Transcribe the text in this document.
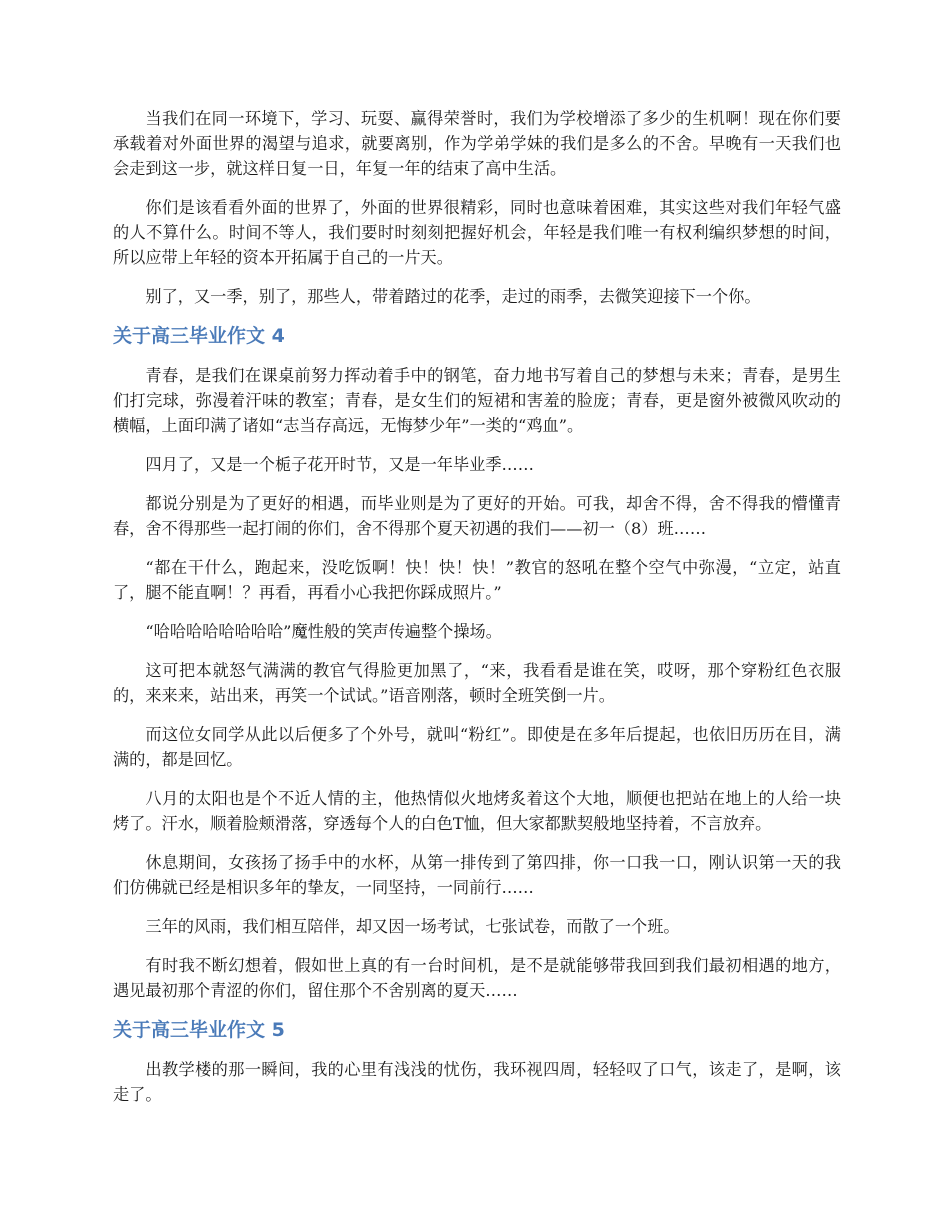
当我们在同一环境下，学习、玩耍、赢得荣誉时，我们为学校增添了多少的生机啊！现在你们要承载着对外面世界的渴望与追求，就要离别，作为学弟学妹的我们是多么的不舍。早晚有一天我们也会走到这一步，就这样日复一日，年复一年的结束了高中生活。

你们是该看看外面的世界了，外面的世界很精彩，同时也意味着困难，其实这些对我们年轻气盛的人不算什么。时间不等人，我们要时时刻刻把握好机会，年轻是我们唯一有权利编织梦想的时间，所以应带上年轻的资本开拓属于自己的一片天。

别了，又一季，别了，那些人，带着踏过的花季，走过的雨季，去微笑迎接下一个你。

关于高三毕业作文 4

青春，是我们在课桌前努力挥动着手中的钢笔，奋力地书写着自己的梦想与未来；青春，是男生们打完球，弥漫着汗味的教室；青春，是女生们的短裙和害羞的脸庞；青春，更是窗外被微风吹动的横幅，上面印满了诸如“志当存高远，无悔梦少年”一类的“鸡血”。

四月了，又是一个栀子花开时节，又是一年毕业季……

都说分别是为了更好的相遇，而毕业则是为了更好的开始。可我，却舍不得，舍不得我的懵懂青春，舍不得那些一起打闹的你们，舍不得那个夏天初遇的我们——初一（8）班……

“都在干什么，跑起来，没吃饭啊！快！快！快！”教官的怒吼在整个空气中弥漫，“立定，站直了，腿不能直啊！？再看，再看小心我把你踩成照片。”

“哈哈哈哈哈哈哈哈”魔性般的笑声传遍整个操场。

这可把本就怒气满满的教官气得脸更加黑了，“来，我看看是谁在笑，哎呀，那个穿粉红色衣服的，来来来，站出来，再笑一个试试。”语音刚落，顿时全班笑倒一片。

而这位女同学从此以后便多了个外号，就叫“粉红”。即使是在多年后提起，也依旧历历在目，满满的，都是回忆。

八月的太阳也是个不近人情的主，他热情似火地烤炙着这个大地，顺便也把站在地上的人给一块烤了。汗水，顺着脸颊滑落，穿透每个人的白色T恤，但大家都默契般地坚持着，不言放弃。

休息期间，女孩扬了扬手中的水杯，从第一排传到了第四排，你一口我一口，刚认识第一天的我们仿佛就已经是相识多年的挚友，一同坚持，一同前行……

三年的风雨，我们相互陪伴，却又因一场考试，七张试卷，而散了一个班。

有时我不断幻想着，假如世上真的有一台时间机，是不是就能够带我回到我们最初相遇的地方，遇见最初那个青涩的你们，留住那个不舍别离的夏天……

关于高三毕业作文 5

出教学楼的那一瞬间，我的心里有浅浅的忧伤，我环视四周，轻轻叹了口气，该走了，是啊，该走了。
